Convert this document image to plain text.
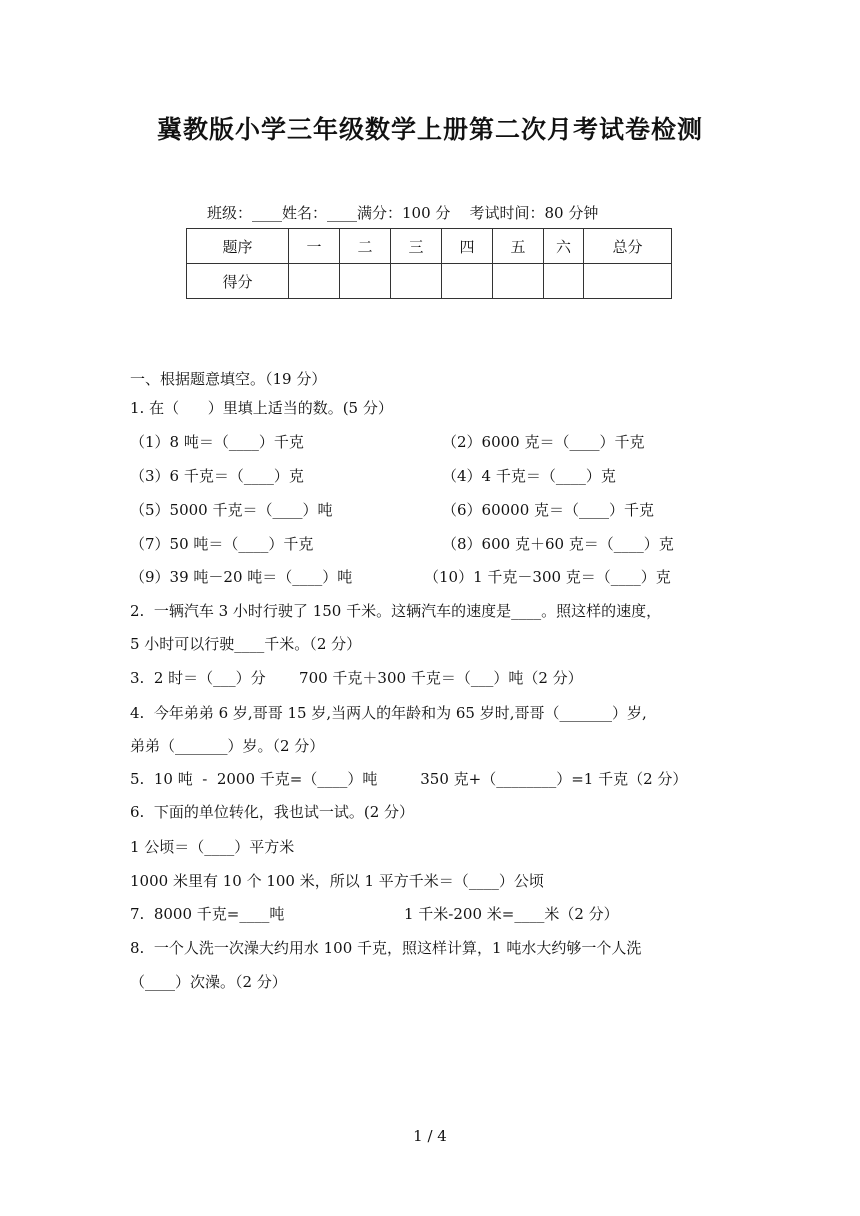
冀教版小学三年级数学上册第二次月考试卷检测
班级：____姓名：____满分：100 分    考试时间：80 分钟
题序	一	二	三	四	五	六	总分
得分							
一、根据题意填空。（19 分）
1. 在（      ）里填上适当的数。(5 分）
（1）8 吨＝（____）千克	（2）6000 克＝（____）千克
（3）6 千克＝（____）克	（4）4 千克＝（____）克
（5）5000 千克＝（____）吨	（6）60000 克＝（____）千克
（7）50 吨＝（____）千克	（8）600 克＋60 克＝（____）克
（9）39 吨－20 吨＝（____）吨	（10）1 千克－300 克＝（____）克
2.  一辆汽车 3 小时行驶了 150 千米。这辆汽车的速度是____。照这样的速度，
5 小时可以行驶____千米。（2 分）
3.  2 时＝（___）分       700 千克＋300 千克＝（___）吨（2 分）
4.  今年弟弟 6 岁,哥哥 15 岁,当两人的年龄和为 65 岁时,哥哥（_______）岁,
弟弟（_______）岁。（2 分）
5.  10 吨  -  2000 千克=（____）吨         350 克+（________）=1 千克（2 分）
6.  下面的单位转化，我也试一试。(2 分）
1 公顷＝（____）平方米
1000 米里有 10 个 100 米，所以 1 平方千米＝（____）公顷
7.  8000 千克=____吨	1 千米-200 米=____米（2 分）
8.  一个人洗一次澡大约用水 100 千克，照这样计算，1 吨水大约够一个人洗
（____）次澡。（2 分）
1 / 4
